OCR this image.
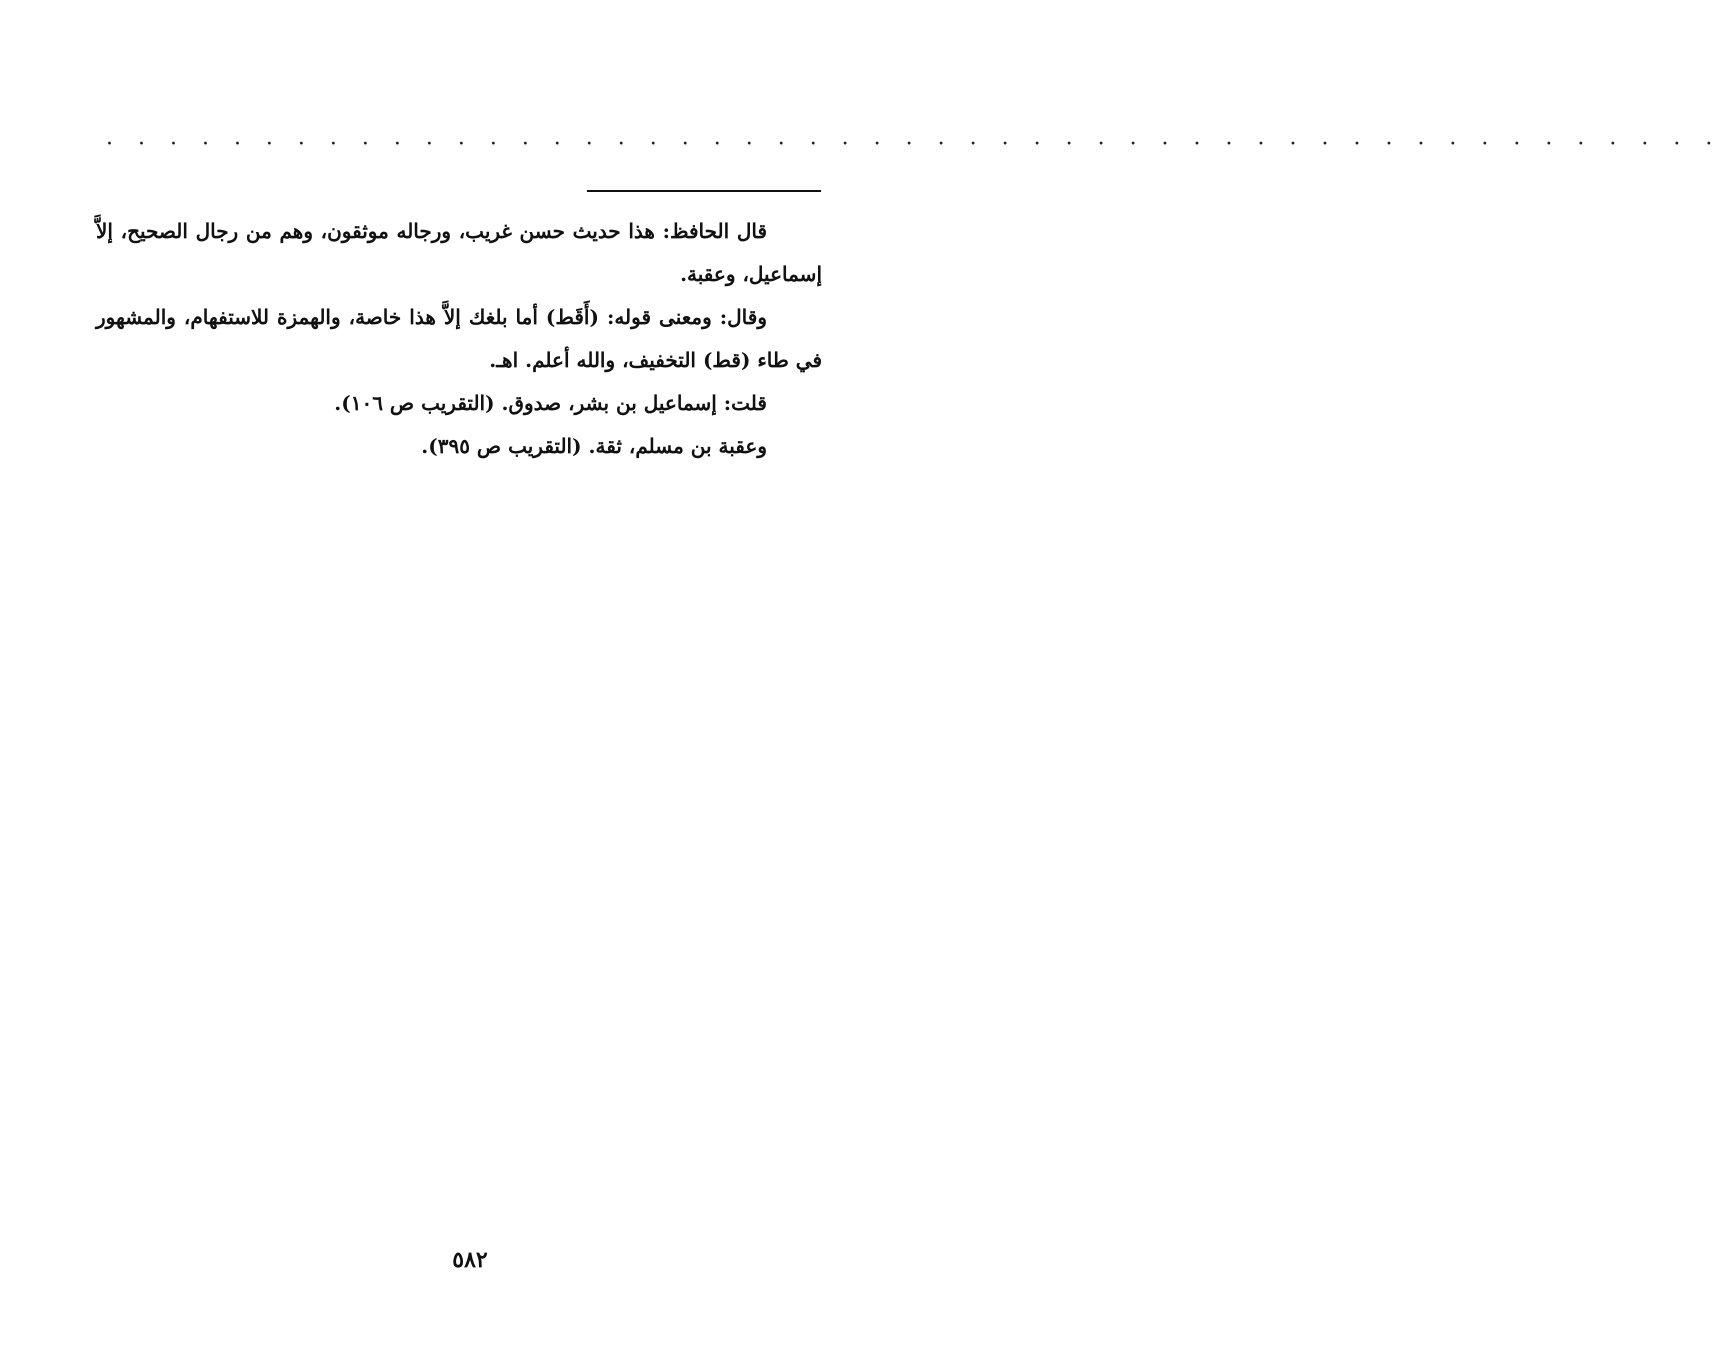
· · · · · · · · · · · · · · · · · · · · · · · · · · · · · · · · · · · · · · · · · · · · · · · · · · ·

قال الحافظ: هذا حديث حسن غريب، ورجاله موثقون، وهم من رجال الصحيح، إلاَّ إسماعيل، وعقبة.

وقال: ومعنى قوله: (أَقَط) أما بلغك إلاَّ هذا خاصة، والهمزة للاستفهام، والمشهور في طاء (قط) التخفيف، والله أعلم. اهـ.

قلت: إسماعيل بن بشر، صدوق. (التقريب ص ١٠٦).

وعقبة بن مسلم، ثقة. (التقريب ص ٣٩٥).

٥٨٢
